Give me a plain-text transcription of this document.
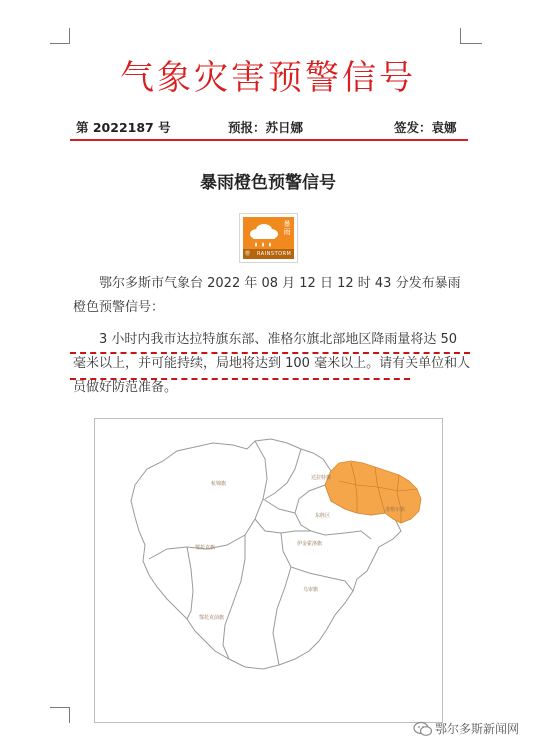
气象灾害预警信号
第 2022187 号	预报：苏日娜	签发：袁娜
暴雨橙色预警信号
暴雨
橙	RAINSTORM
鄂尔多斯市气象台 2022 年 08 月 12 日 12 时 43 分发布暴雨橙色预警信号：
3 小时内我市达拉特旗东部、准格尔旗北部地区降雨量将达 50 毫米以上，并可能持续，局地将达到 100 毫米以上。请有关单位和人员做好防范准备。
杭锦旗
达拉特旗
东胜区
伊金霍洛旗
鄂托克旗
乌审旗
鄂托克前旗
准格尔旗
鄂尔多斯新闻网
